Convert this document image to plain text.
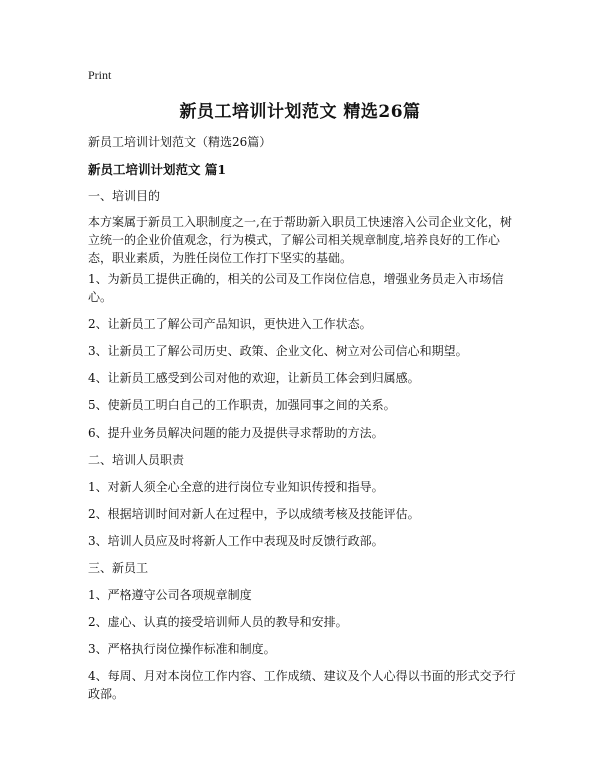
Print
新员工培训计划范文 精选26篇
新员工培训计划范文（精选26篇）
新员工培训计划范文 篇1
一、培训目的
本方案属于新员工入职制度之一,在于帮助新入职员工快速溶入公司企业文化，树立统一的企业价值观念，行为模式，了解公司相关规章制度,培养良好的工作心态，职业素质，为胜任岗位工作打下坚实的基础。
1、为新员工提供正确的，相关的公司及工作岗位信息，增强业务员走入市场信心。
2、让新员工了解公司产品知识，更快进入工作状态。
3、让新员工了解公司历史、政策、企业文化、树立对公司信心和期望。
4、让新员工感受到公司对他的欢迎，让新员工体会到归属感。
5、使新员工明白自己的工作职责，加强同事之间的关系。
6、提升业务员解决问题的能力及提供寻求帮助的方法。
二、培训人员职责
1、对新人须全心全意的进行岗位专业知识传授和指导。
2、根据培训时间对新人在过程中，予以成绩考核及技能评估。
3、培训人员应及时将新人工作中表现及时反馈行政部。
三、新员工
1、严格遵守公司各项规章制度
2、虚心、认真的接受培训师人员的教导和安排。
3、严格执行岗位操作标准和制度。
4、每周、月对本岗位工作内容、工作成绩、建议及个人心得以书面的形式交予行政部。
